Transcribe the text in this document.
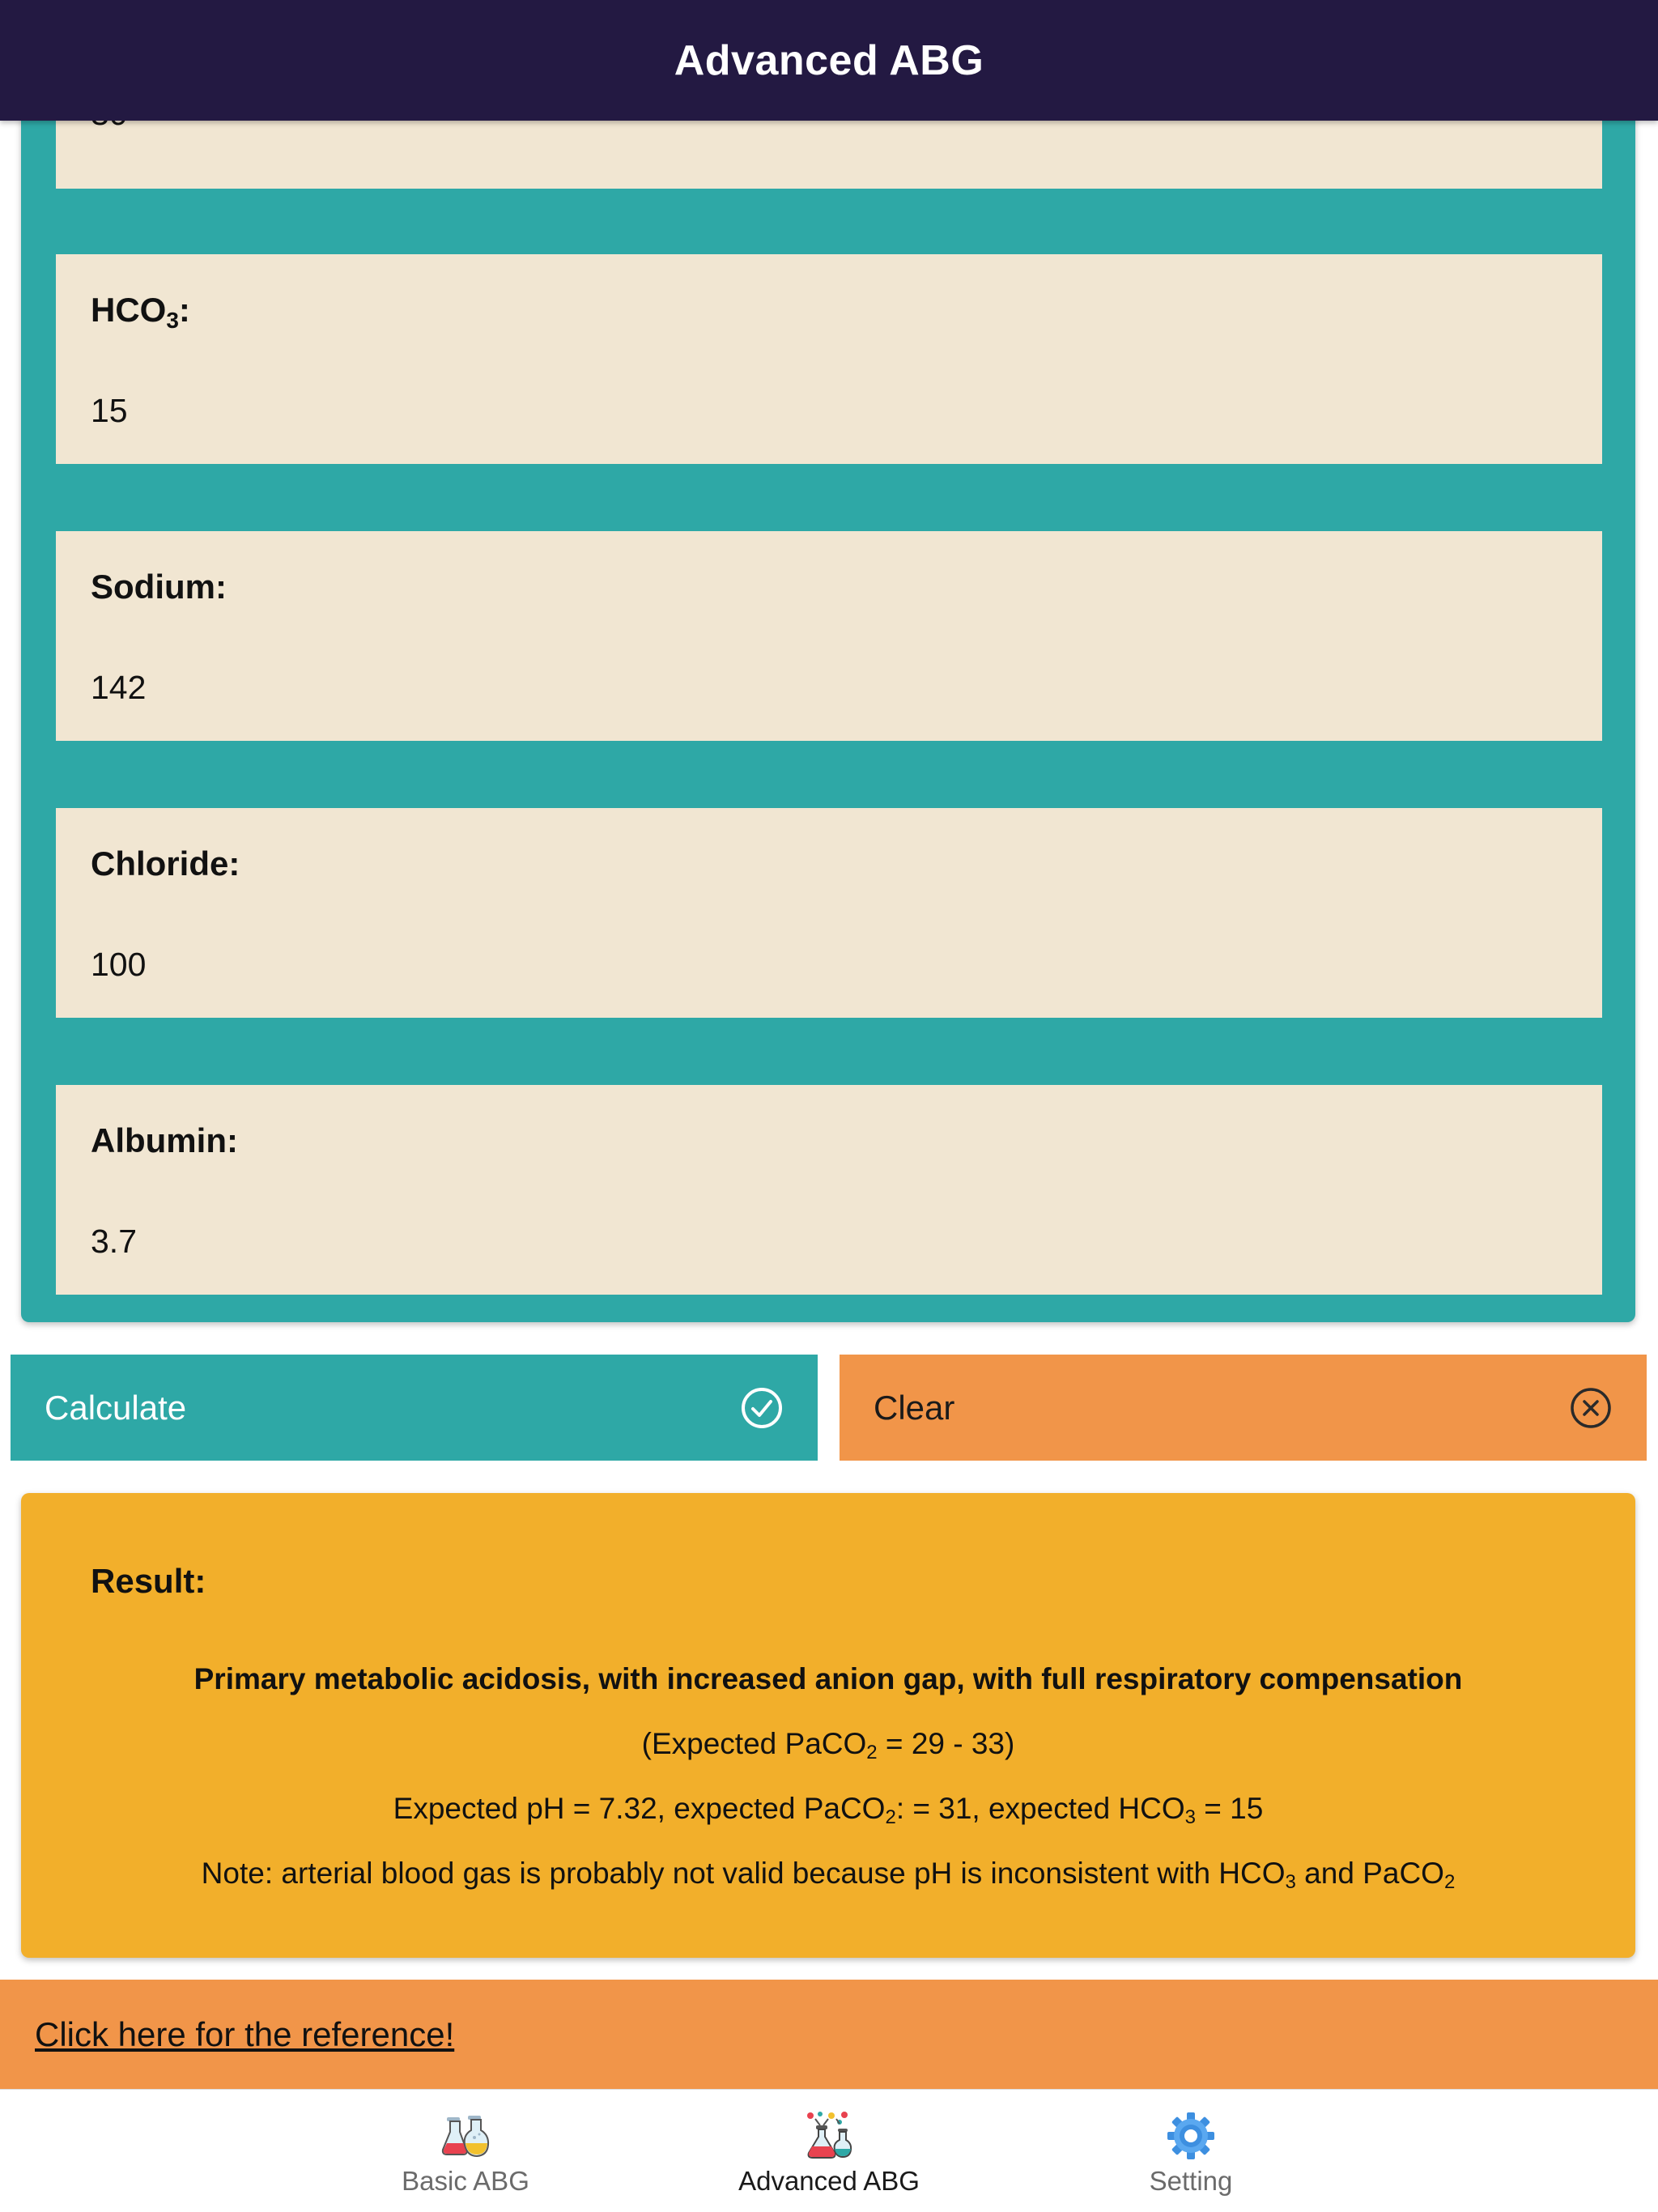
30
$HCO_3$:
15
Sodium:
142
Chloride:
100
Albumin:
3.7
Advanced ABG
Calculate	Clear
Result:
Primary metabolic acidosis, with increased anion gap, with full respiratory compensation
(Expected PaCO$_2$ = 29 - 33)
Expected pH = 7.32, expected PaCO$_2$: = 31, expected $HCO_3 = 15$
Note: arterial blood gas is probably not valid because pH is inconsistent with $HCO_3$ and PaCO$_2$
Click here for the reference!
Basic ABG	Advanced ABG	Setting
